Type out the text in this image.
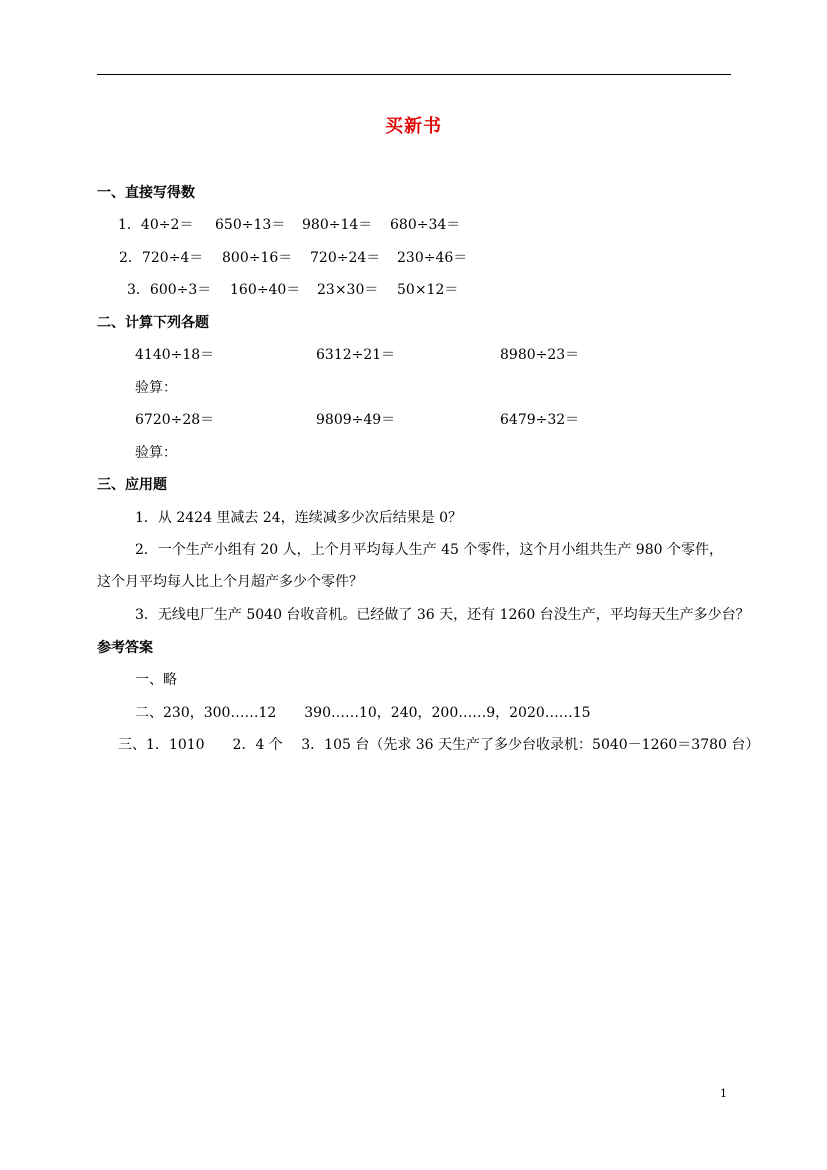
买新书
一、直接写得数
1．40÷2＝ 650÷13＝ 980÷14＝ 680÷34＝
2．720÷4＝ 800÷16＝ 720÷24＝ 230÷46＝
3．600÷3＝ 160÷40＝ 23×30＝ 50×12＝
二、计算下列各题
4140÷18＝	6312÷21＝	8980÷23＝
验算：
6720÷28＝	9809÷49＝	6479÷32＝
验算：
三、应用题
1．从 2424 里减去 24，连续减多少次后结果是 0？
2．一个生产小组有 20 人，上个月平均每人生产 45 个零件，这个月小组共生产 980 个零件，
这个月平均每人比上个月超产多少个零件？
3．无线电厂生产 5040 台收音机。已经做了 36 天，还有 1260 台没生产，平均每天生产多少台？
参考答案
一、略
二、230，300……12　　390……10，240，200……9，2020……15
三、1．1010　　2．4 个　 3．105 台（先求 36 天生产了多少台收录机：5040－1260＝3780 台）
1
